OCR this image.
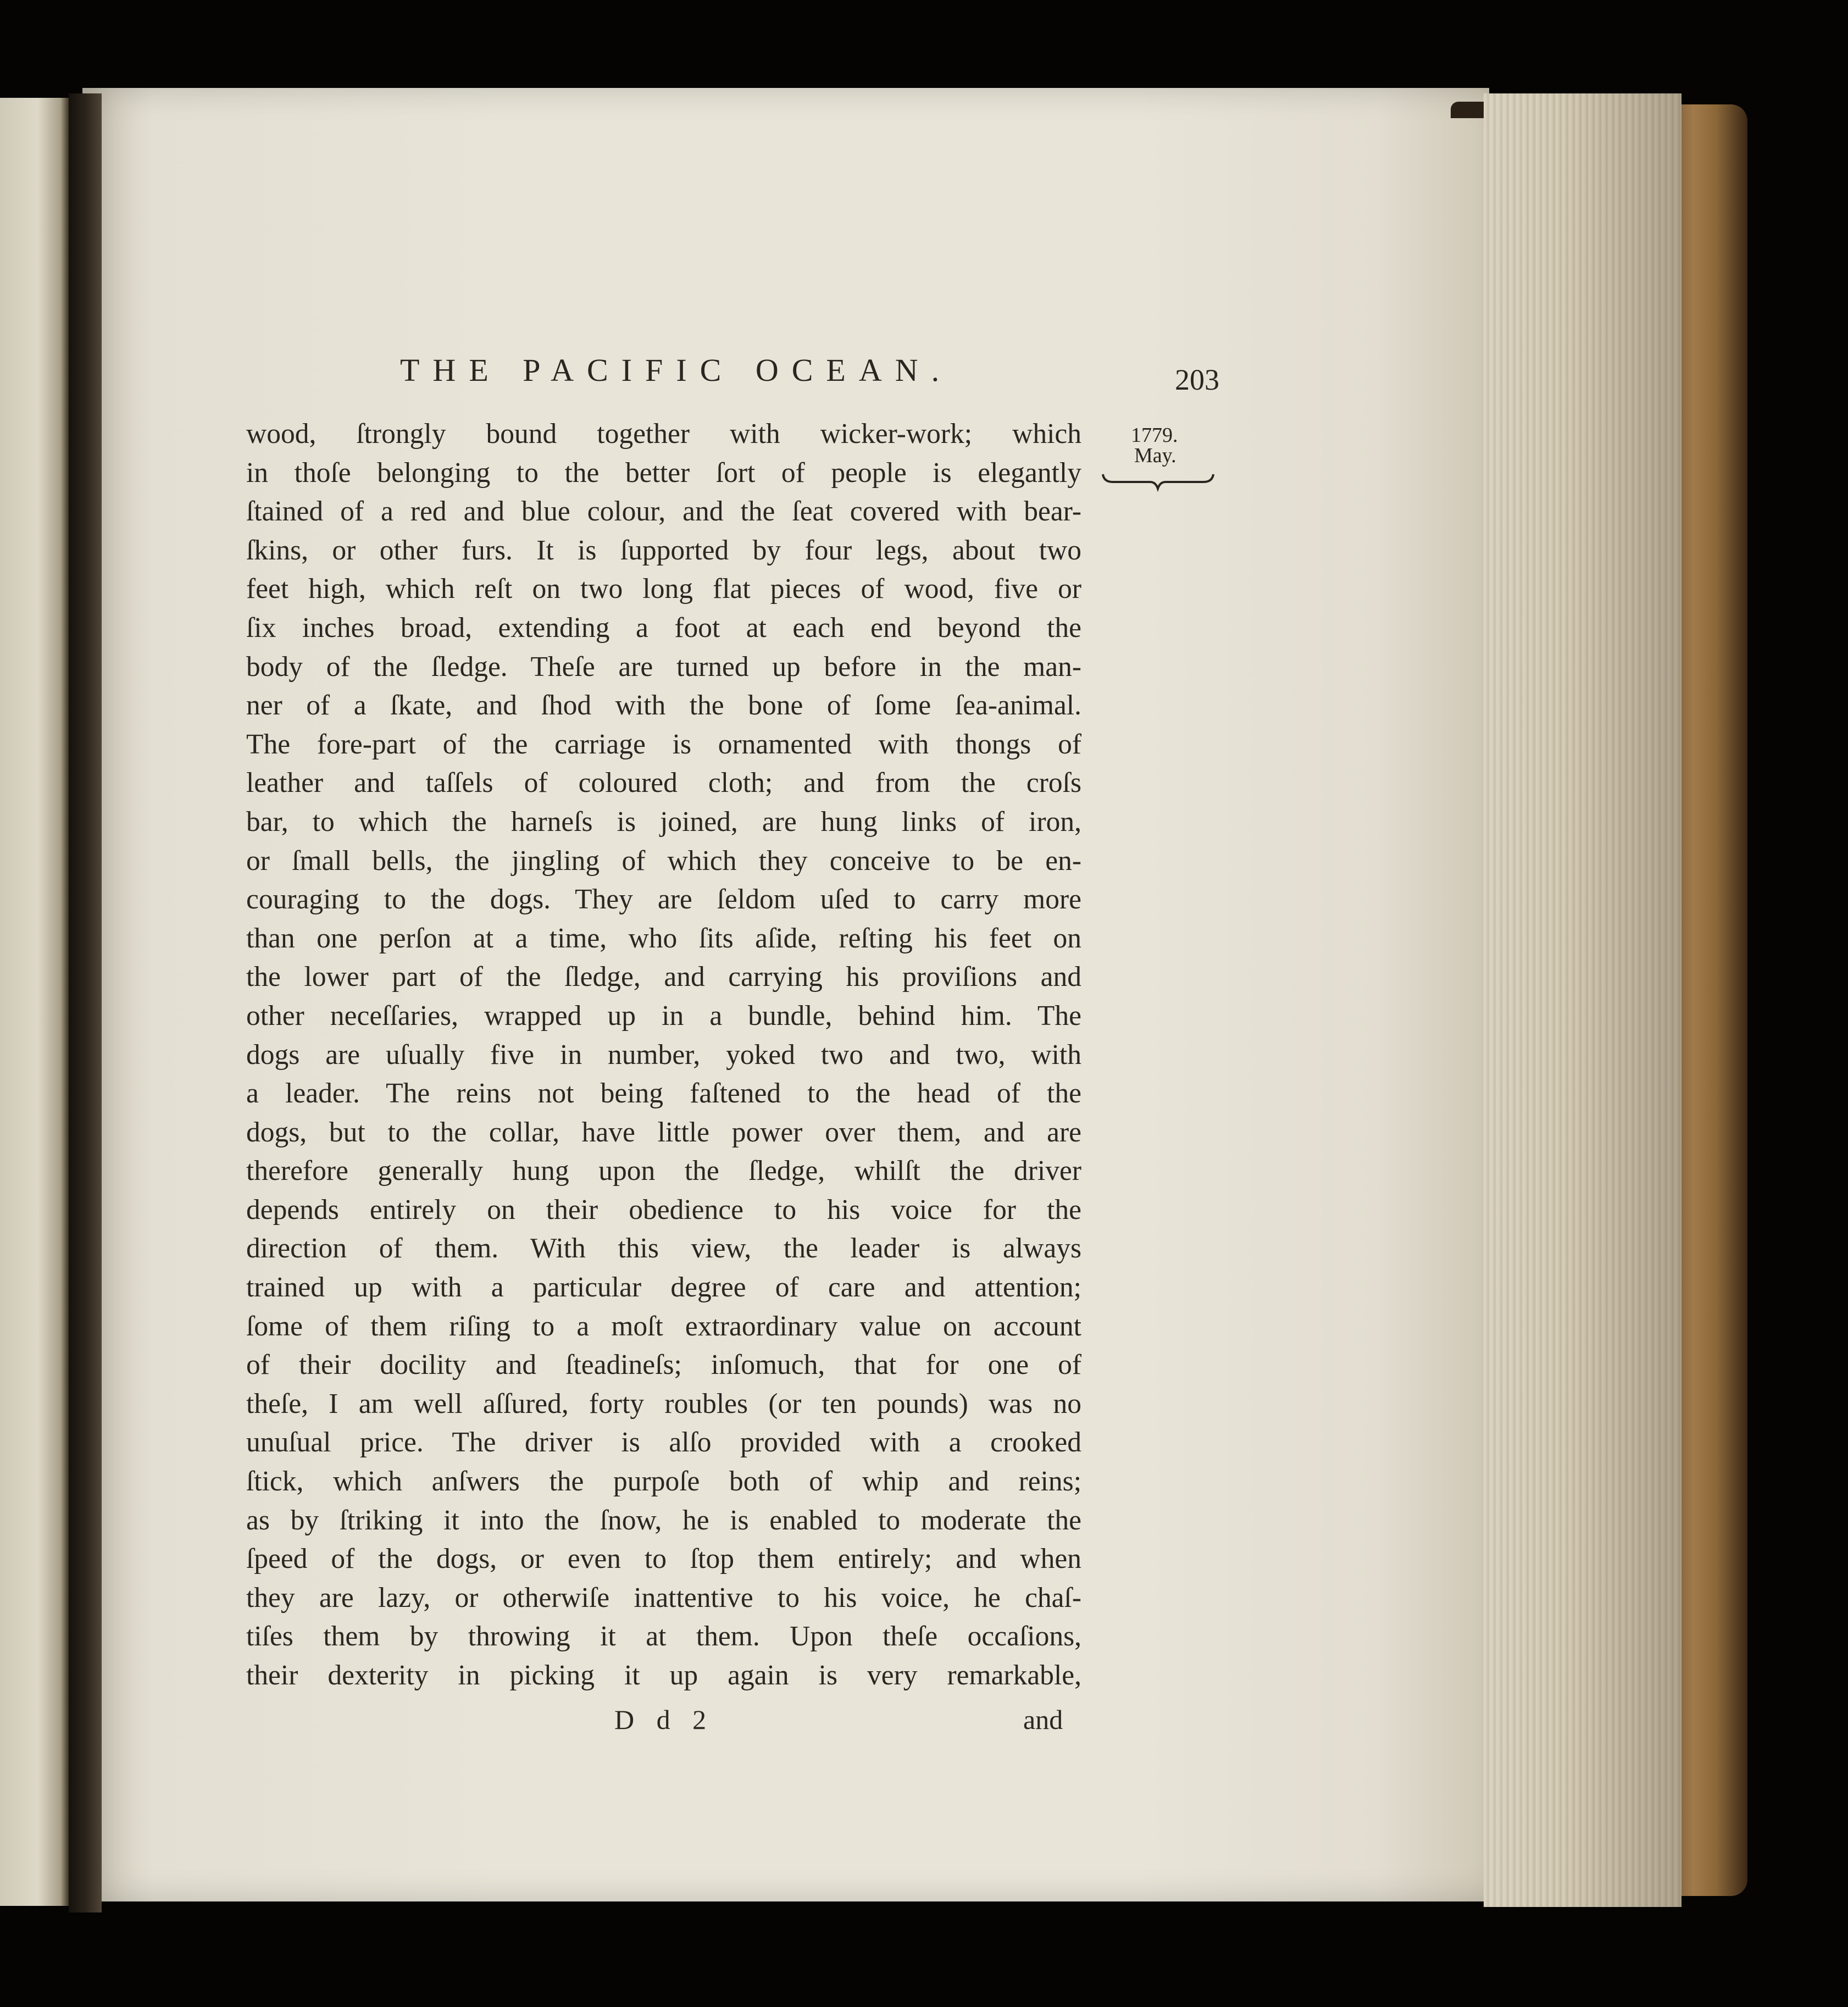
THE PACIFIC OCEAN.	203
1779.
May.
wood, ſtrongly bound together with wicker-work; which
in thoſe belonging to the better ſort of people is elegantly
ſtained of a red and blue colour, and the ſeat covered with bear-
ſkins, or other furs. It is ſupported by four legs, about two
feet high, which reſt on two long flat pieces of wood, five or
ſix inches broad, extending a foot at each end beyond the
body of the ſledge. Theſe are turned up before in the man-
ner of a ſkate, and ſhod with the bone of ſome ſea-animal.
The fore-part of the carriage is ornamented with thongs of
leather and taſſels of coloured cloth; and from the croſs
bar, to which the harneſs is joined, are hung links of iron,
or ſmall bells, the jingling of which they conceive to be en-
couraging to the dogs. They are ſeldom uſed to carry more
than one perſon at a time, who ſits aſide, reſting his feet on
the lower part of the ſledge, and carrying his proviſions and
other neceſſaries, wrapped up in a bundle, behind him. The
dogs are uſually five in number, yoked two and two, with
a leader. The reins not being faſtened to the head of the
dogs, but to the collar, have little power over them, and are
therefore generally hung upon the ſledge, whilſt the driver
depends entirely on their obedience to his voice for the
direction of them. With this view, the leader is always
trained up with a particular degree of care and attention;
ſome of them riſing to a moſt extraordinary value on account
of their docility and ſteadineſs; inſomuch, that for one of
theſe, I am well aſſured, forty roubles (or ten pounds) was no
unuſual price. The driver is alſo provided with a crooked
ſtick, which anſwers the purpoſe both of whip and reins;
as by ſtriking it into the ſnow, he is enabled to moderate the
ſpeed of the dogs, or even to ſtop them entirely; and when
they are lazy, or otherwiſe inattentive to his voice, he chaſ-
tiſes them by throwing it at them. Upon theſe occaſions,
their dexterity in picking it up again is very remarkable,
D d 2	and
